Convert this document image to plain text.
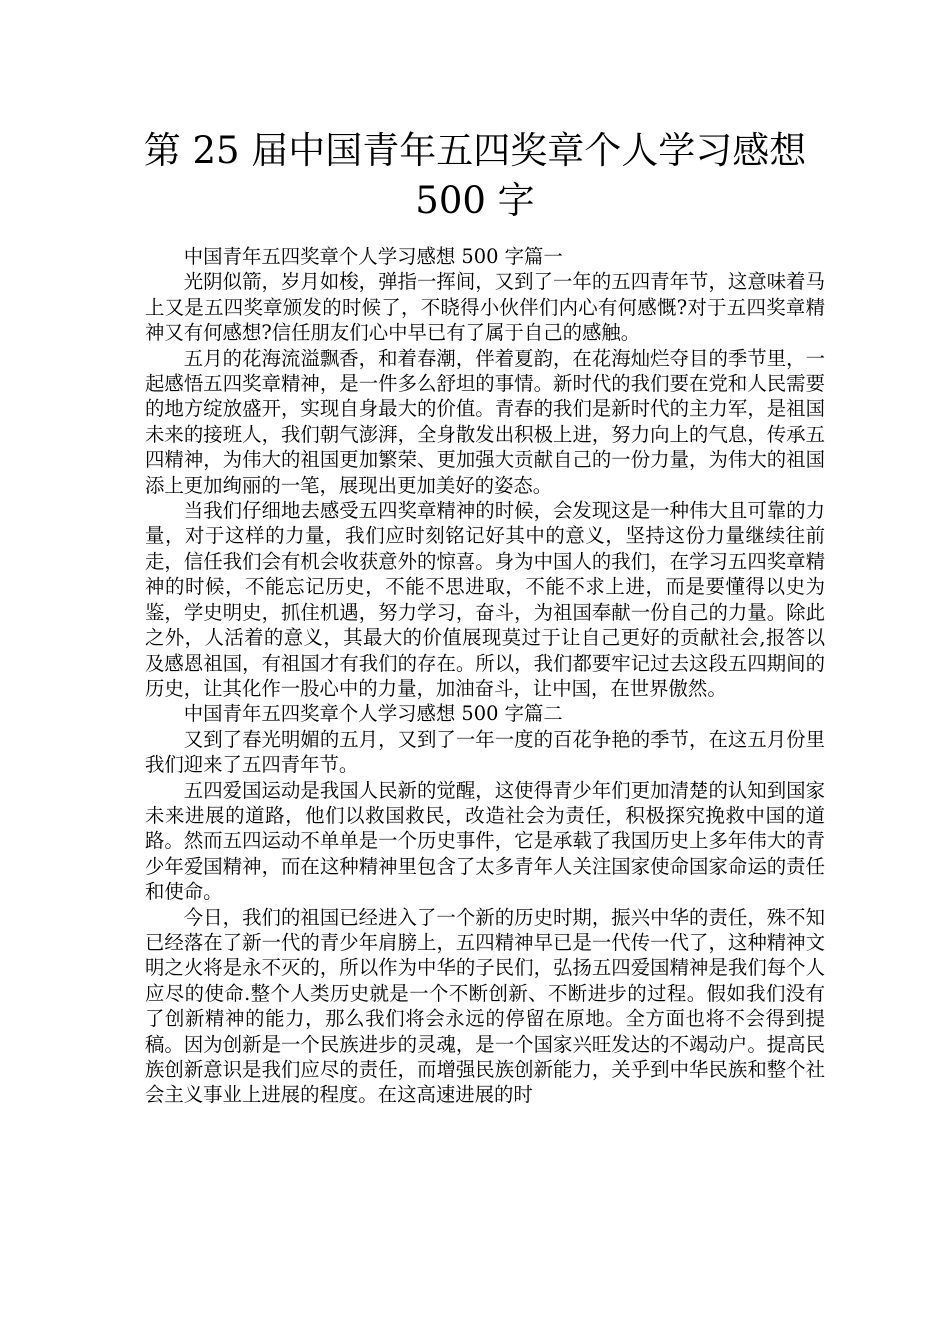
第 25 届中国青年五四奖章个人学习感想
500 字

中国青年五四奖章个人学习感想 500 字篇一

光阴似箭，岁月如梭，弹指一挥间，又到了一年的五四青年节，这意味着马上又是五四奖章颁发的时候了，不晓得小伙伴们内心有何感慨?对于五四奖章精神又有何感想?信任朋友们心中早已有了属于自己的感触。

五月的花海流溢飘香，和着春潮，伴着夏韵，在花海灿烂夺目的季节里，一起感悟五四奖章精神，是一件多么舒坦的事情。新时代的我们要在党和人民需要的地方绽放盛开，实现自身最大的价值。青春的我们是新时代的主力军，是祖国未来的接班人，我们朝气澎湃，全身散发出积极上进，努力向上的气息，传承五四精神，为伟大的祖国更加繁荣、更加强大贡献自己的一份力量，为伟大的祖国添上更加绚丽的一笔，展现出更加美好的姿态。

当我们仔细地去感受五四奖章精神的时候，会发现这是一种伟大且可靠的力量，对于这样的力量，我们应时刻铭记好其中的意义，坚持这份力量继续往前走，信任我们会有机会收获意外的惊喜。身为中国人的我们，在学习五四奖章精神的时候，不能忘记历史，不能不思进取，不能不求上进，而是要懂得以史为鉴，学史明史，抓住机遇，努力学习，奋斗，为祖国奉献一份自己的力量。除此之外，人活着的意义，其最大的价值展现莫过于让自己更好的贡献社会,报答以及感恩祖国，有祖国才有我们的存在。所以，我们都要牢记过去这段五四期间的历史，让其化作一股心中的力量，加油奋斗，让中国，在世界傲然。

中国青年五四奖章个人学习感想 500 字篇二

又到了春光明媚的五月，又到了一年一度的百花争艳的季节，在这五月份里我们迎来了五四青年节。

五四爱国运动是我国人民新的觉醒，这使得青少年们更加清楚的认知到国家未来进展的道路，他们以救国救民，改造社会为责任，积极探究挽救中国的道路。然而五四运动不单单是一个历史事件，它是承载了我国历史上多年伟大的青少年爱国精神，而在这种精神里包含了太多青年人关注国家使命国家命运的责任和使命。

今日，我们的祖国已经进入了一个新的历史时期，振兴中华的责任，殊不知已经落在了新一代的青少年肩膀上，五四精神早已是一代传一代了，这种精神文明之火将是永不灭的，所以作为中华的子民们，弘扬五四爱国精神是我们每个人应尽的使命.整个人类历史就是一个不断创新、不断进步的过程。假如我们没有了创新精神的能力，那么我们将会永远的停留在原地。全方面也将不会得到提稿。因为创新是一个民族进步的灵魂，是一个国家兴旺发达的不竭动户。提高民族创新意识是我们应尽的责任，而增强民族创新能力，关乎到中华民族和整个社会主义事业上进展的程度。在这高速进展的时
